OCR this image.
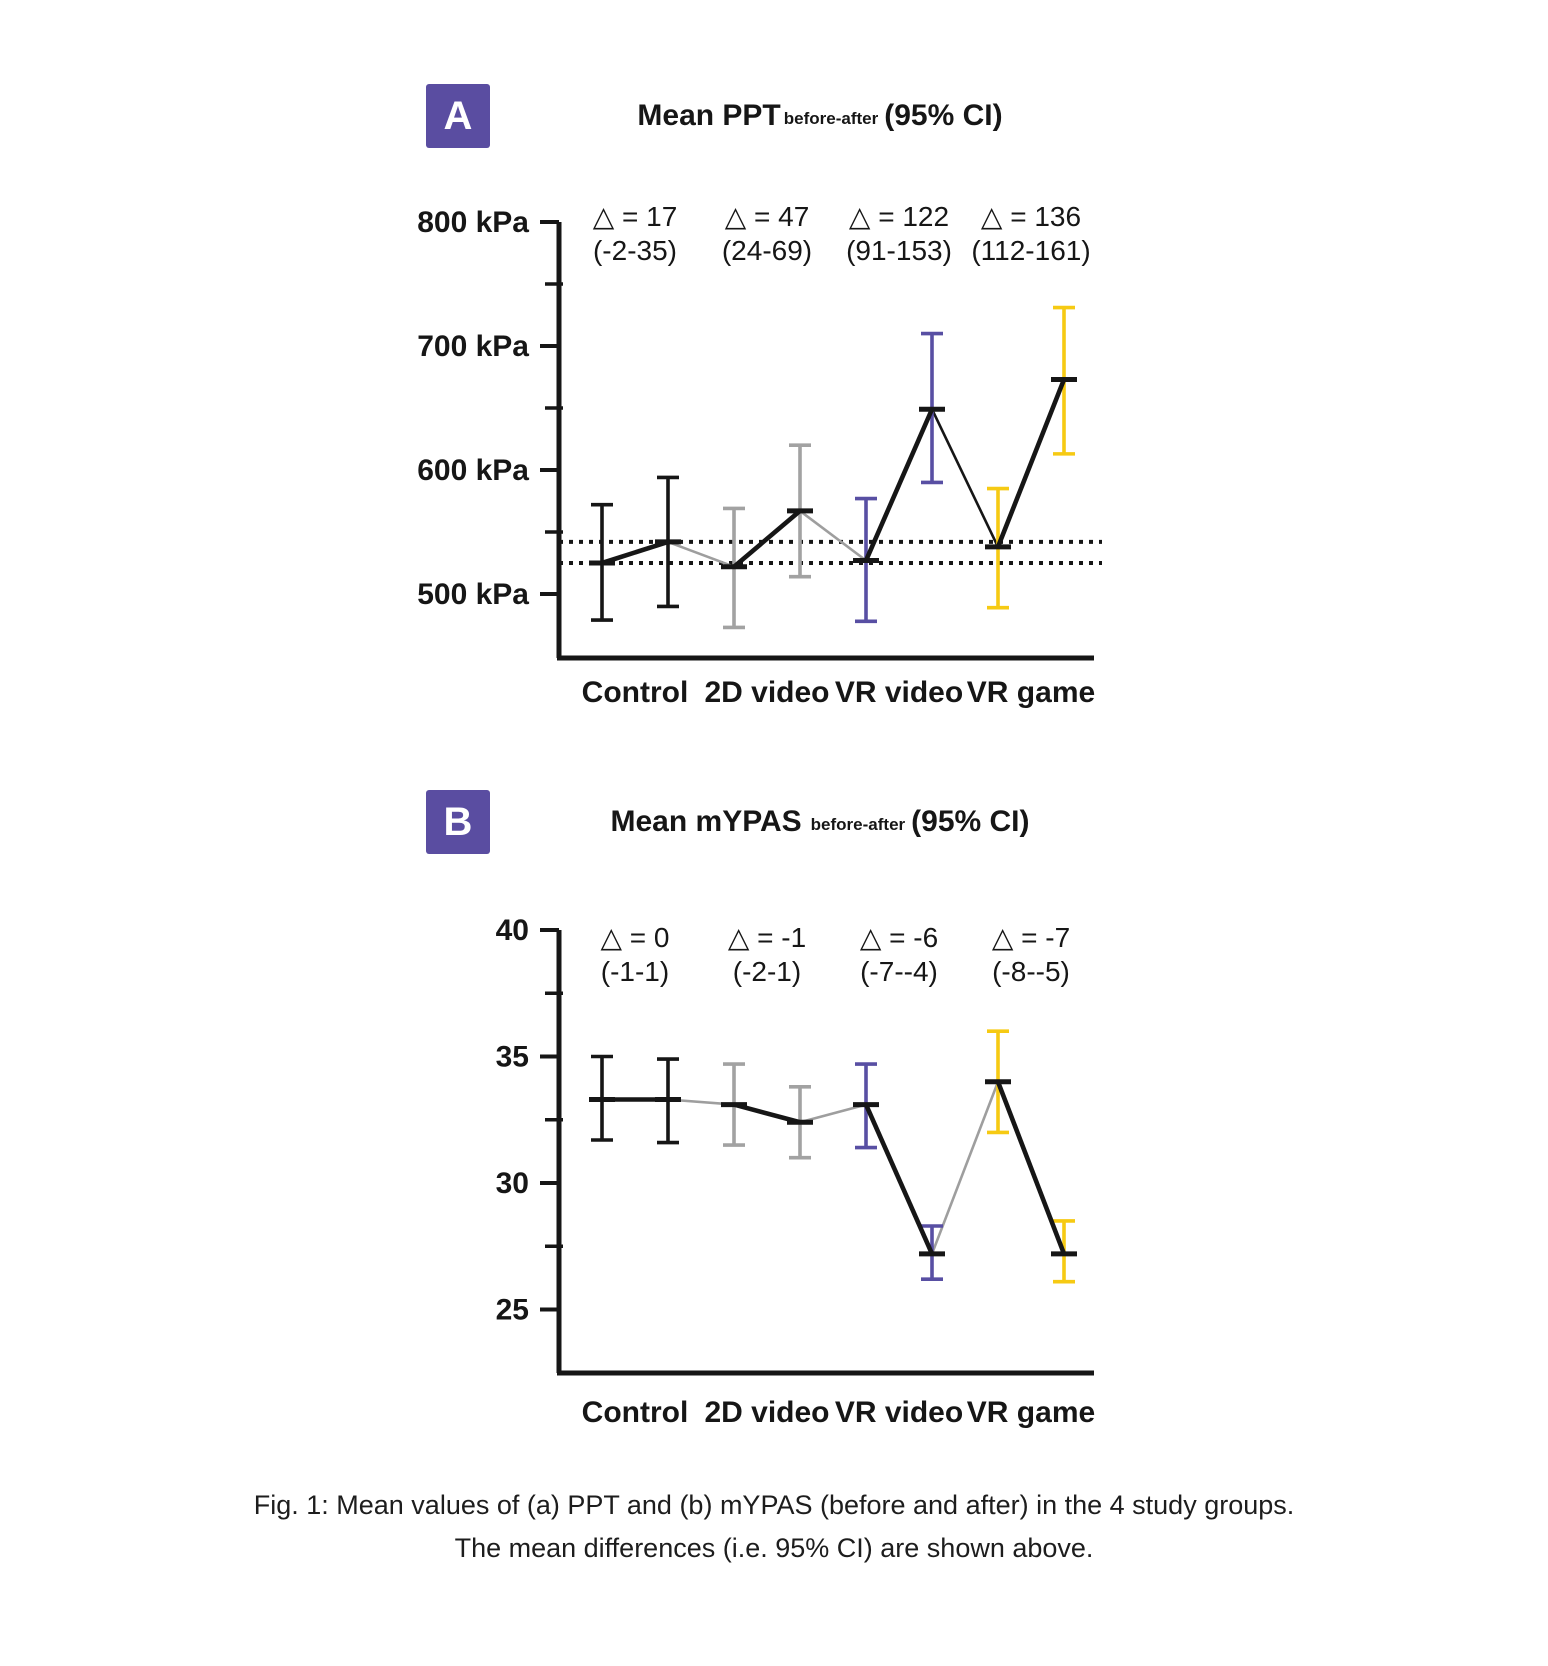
A	Mean PPT before-after (95% CI)
B	Mean mYPAS before-after (95% CI)
800 kPa
700 kPa
600 kPa
500 kPa
△ = 17
(-2-35)
△ = 47
(24-69)
△ = 122
(91-153)
△ = 136
(112-161)
Control 2D video VR video VR game
40
35
30
25
△ = 0
(-1-1)
△ = -1
(-2-1)
△ = -6
(-7--4)
△ = -7
(-8--5)
Control 2D video VR video VR game
Fig. 1: Mean values of (a) PPT and (b) mYPAS (before and after) in the 4 study groups.
The mean differences (i.e. 95% CI) are shown above.
